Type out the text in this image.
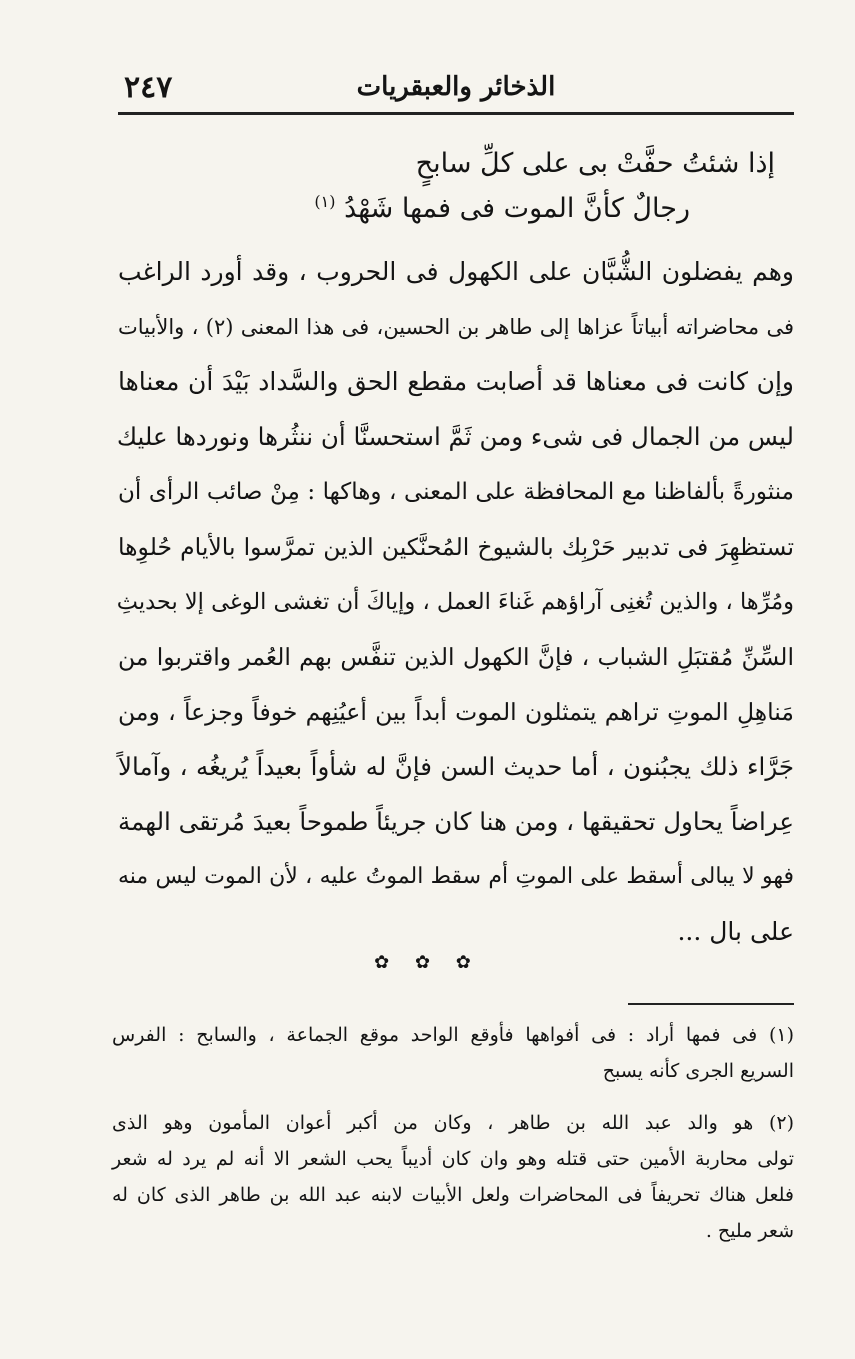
الذخائر والعبقريات
٢٤٧
إذا شئتُ حفَّتْ بى على كلِّ سابحٍ
رجالٌ كأنَّ الموت فى فمها شَهْدُ $^{(١)}$
وهم يفضلون الشُّبَّان على الكهول فى الحروب ، وقد أورد الراغب
فى محاضراته أبياتاً عزاها إلى طاهر بن الحسين، فى هذا المعنى (٢) ، والأبيات
وإن كانت فى معناها قد أصابت مقطع الحق والسَّداد بَيْدَ أن معناها
ليس من الجمال فى شىء ومن ثَمَّ استحسنَّا أن ننثُرها ونوردها عليك
منثورةً بألفاظنا مع المحافظة على المعنى ، وهاكها : مِنْ صائب الرأى أن
تستظهِرَ فى تدبير حَرْبِك بالشيوخ المُحنَّكين الذين تمرَّسوا بالأيام حُلوِها
ومُرِّها ، والذين تُغنِى آراؤهم غَناءَ العمل ، وإياكَ أن تغشى الوغى إلا بحديثِ
السِّنِّ مُقتبَلِ الشباب ، فإنَّ الكهول الذين تنفَّس بهم العُمر واقتربوا من
مَناهِلِ الموتِ تراهم يتمثلون الموت أبداً بين أعيُنِهم خوفاً وجزعاً ، ومن
جَرَّاء ذلك يجبُنون ، أما حديث السن فإنَّ له شأواً بعيداً يُريغُه ، وآمالاً
عِراضاً يحاول تحقيقها ، ومن هنا كان جريئاً طموحاً بعيدَ مُرتقى الهمة
فهو لا يبالى أسقط على الموتِ أم سقط الموتُ عليه ، لأن الموت ليس منه
على بال ...
✿ ✿ ✿
(١) فى فمها أراد : فى أفواهها فأوقع الواحد موقع الجماعة ، والسابح : الفرس
السريع الجرى كأنه يسبح
(٢) هو والد عبد الله بن طاهر ، وكان من أكبر أعوان المأمون وهو الذى
تولى محاربة الأمين حتى قتله وهو وان كان أديباً يحب الشعر الا أنه لم يرد له شعر
فلعل هناك تحريفاً فى المحاضرات ولعل الأبيات لابنه عبد الله بن طاهر الذى كان له
شعر مليح .
